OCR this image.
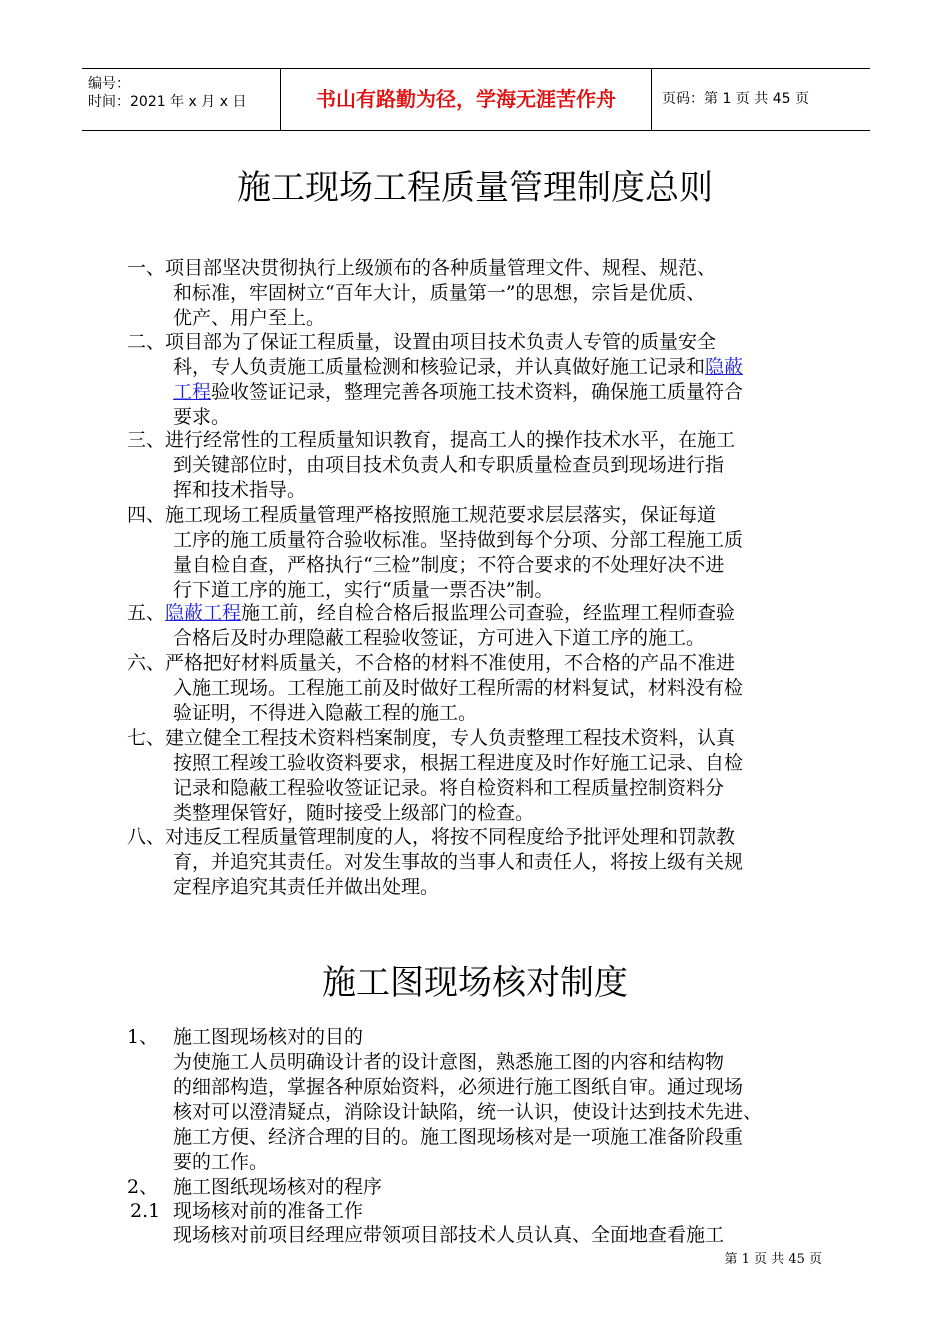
编号：
时间：2021 年 x 月 x 日	书山有路勤为径，学海无涯苦作舟	页码：第 1 页 共 45 页
施工现场工程质量管理制度总则
一、 项目部坚决贯彻执行上级颁布的各种质量管理文件、规程、规范、
和标准，牢固树立“百年大计，质量第一”的思想，宗旨是优质、
优产、用户至上。
二、 项目部为了保证工程质量，设置由项目技术负责人专管的质量安全
科，专人负责施工质量检测和核验记录，并认真做好施工记录和隐蔽
工程验收签证记录，整理完善各项施工技术资料，确保施工质量符合
要求。
三、 进行经常性的工程质量知识教育，提高工人的操作技术水平，在施工
到关键部位时，由项目技术负责人和专职质量检查员到现场进行指
挥和技术指导。
四、 施工现场工程质量管理严格按照施工规范要求层层落实，保证每道
工序的施工质量符合验收标准。坚持做到每个分项、分部工程施工质
量自检自查，严格执行“三检”制度；不符合要求的不处理好决不进
行下道工序的施工，实行“质量一票否决”制。
五、 隐蔽工程施工前，经自检合格后报监理公司查验，经监理工程师查验
合格后及时办理隐蔽工程验收签证，方可进入下道工序的施工。
六、 严格把好材料质量关，不合格的材料不准使用，不合格的产品不准进
入施工现场。工程施工前及时做好工程所需的材料复试，材料没有检
验证明，不得进入隐蔽工程的施工。
七、 建立健全工程技术资料档案制度，专人负责整理工程技术资料，认真
按照工程竣工验收资料要求，根据工程进度及时作好施工记录、自检
记录和隐蔽工程验收签证记录。将自检资料和工程质量控制资料分
类整理保管好，随时接受上级部门的检查。
八、 对违反工程质量管理制度的人，将按不同程度给予批评处理和罚款教
育，并追究其责任。对发生事故的当事人和责任人，将按上级有关规
定程序追究其责任并做出处理。
施工图现场核对制度
1、 施工图现场核对的目的
为使施工人员明确设计者的设计意图，熟悉施工图的内容和结构物
的细部构造，掌握各种原始资料，必须进行施工图纸自审。通过现场
核对可以澄清疑点，消除设计缺陷，统一认识，使设计达到技术先进、
施工方便、经济合理的目的。施工图现场核对是一项施工准备阶段重
要的工作。
2、 施工图纸现场核对的程序
2.1 现场核对前的准备工作
现场核对前项目经理应带领项目部技术人员认真、全面地查看施工
第 1 页 共 45 页
